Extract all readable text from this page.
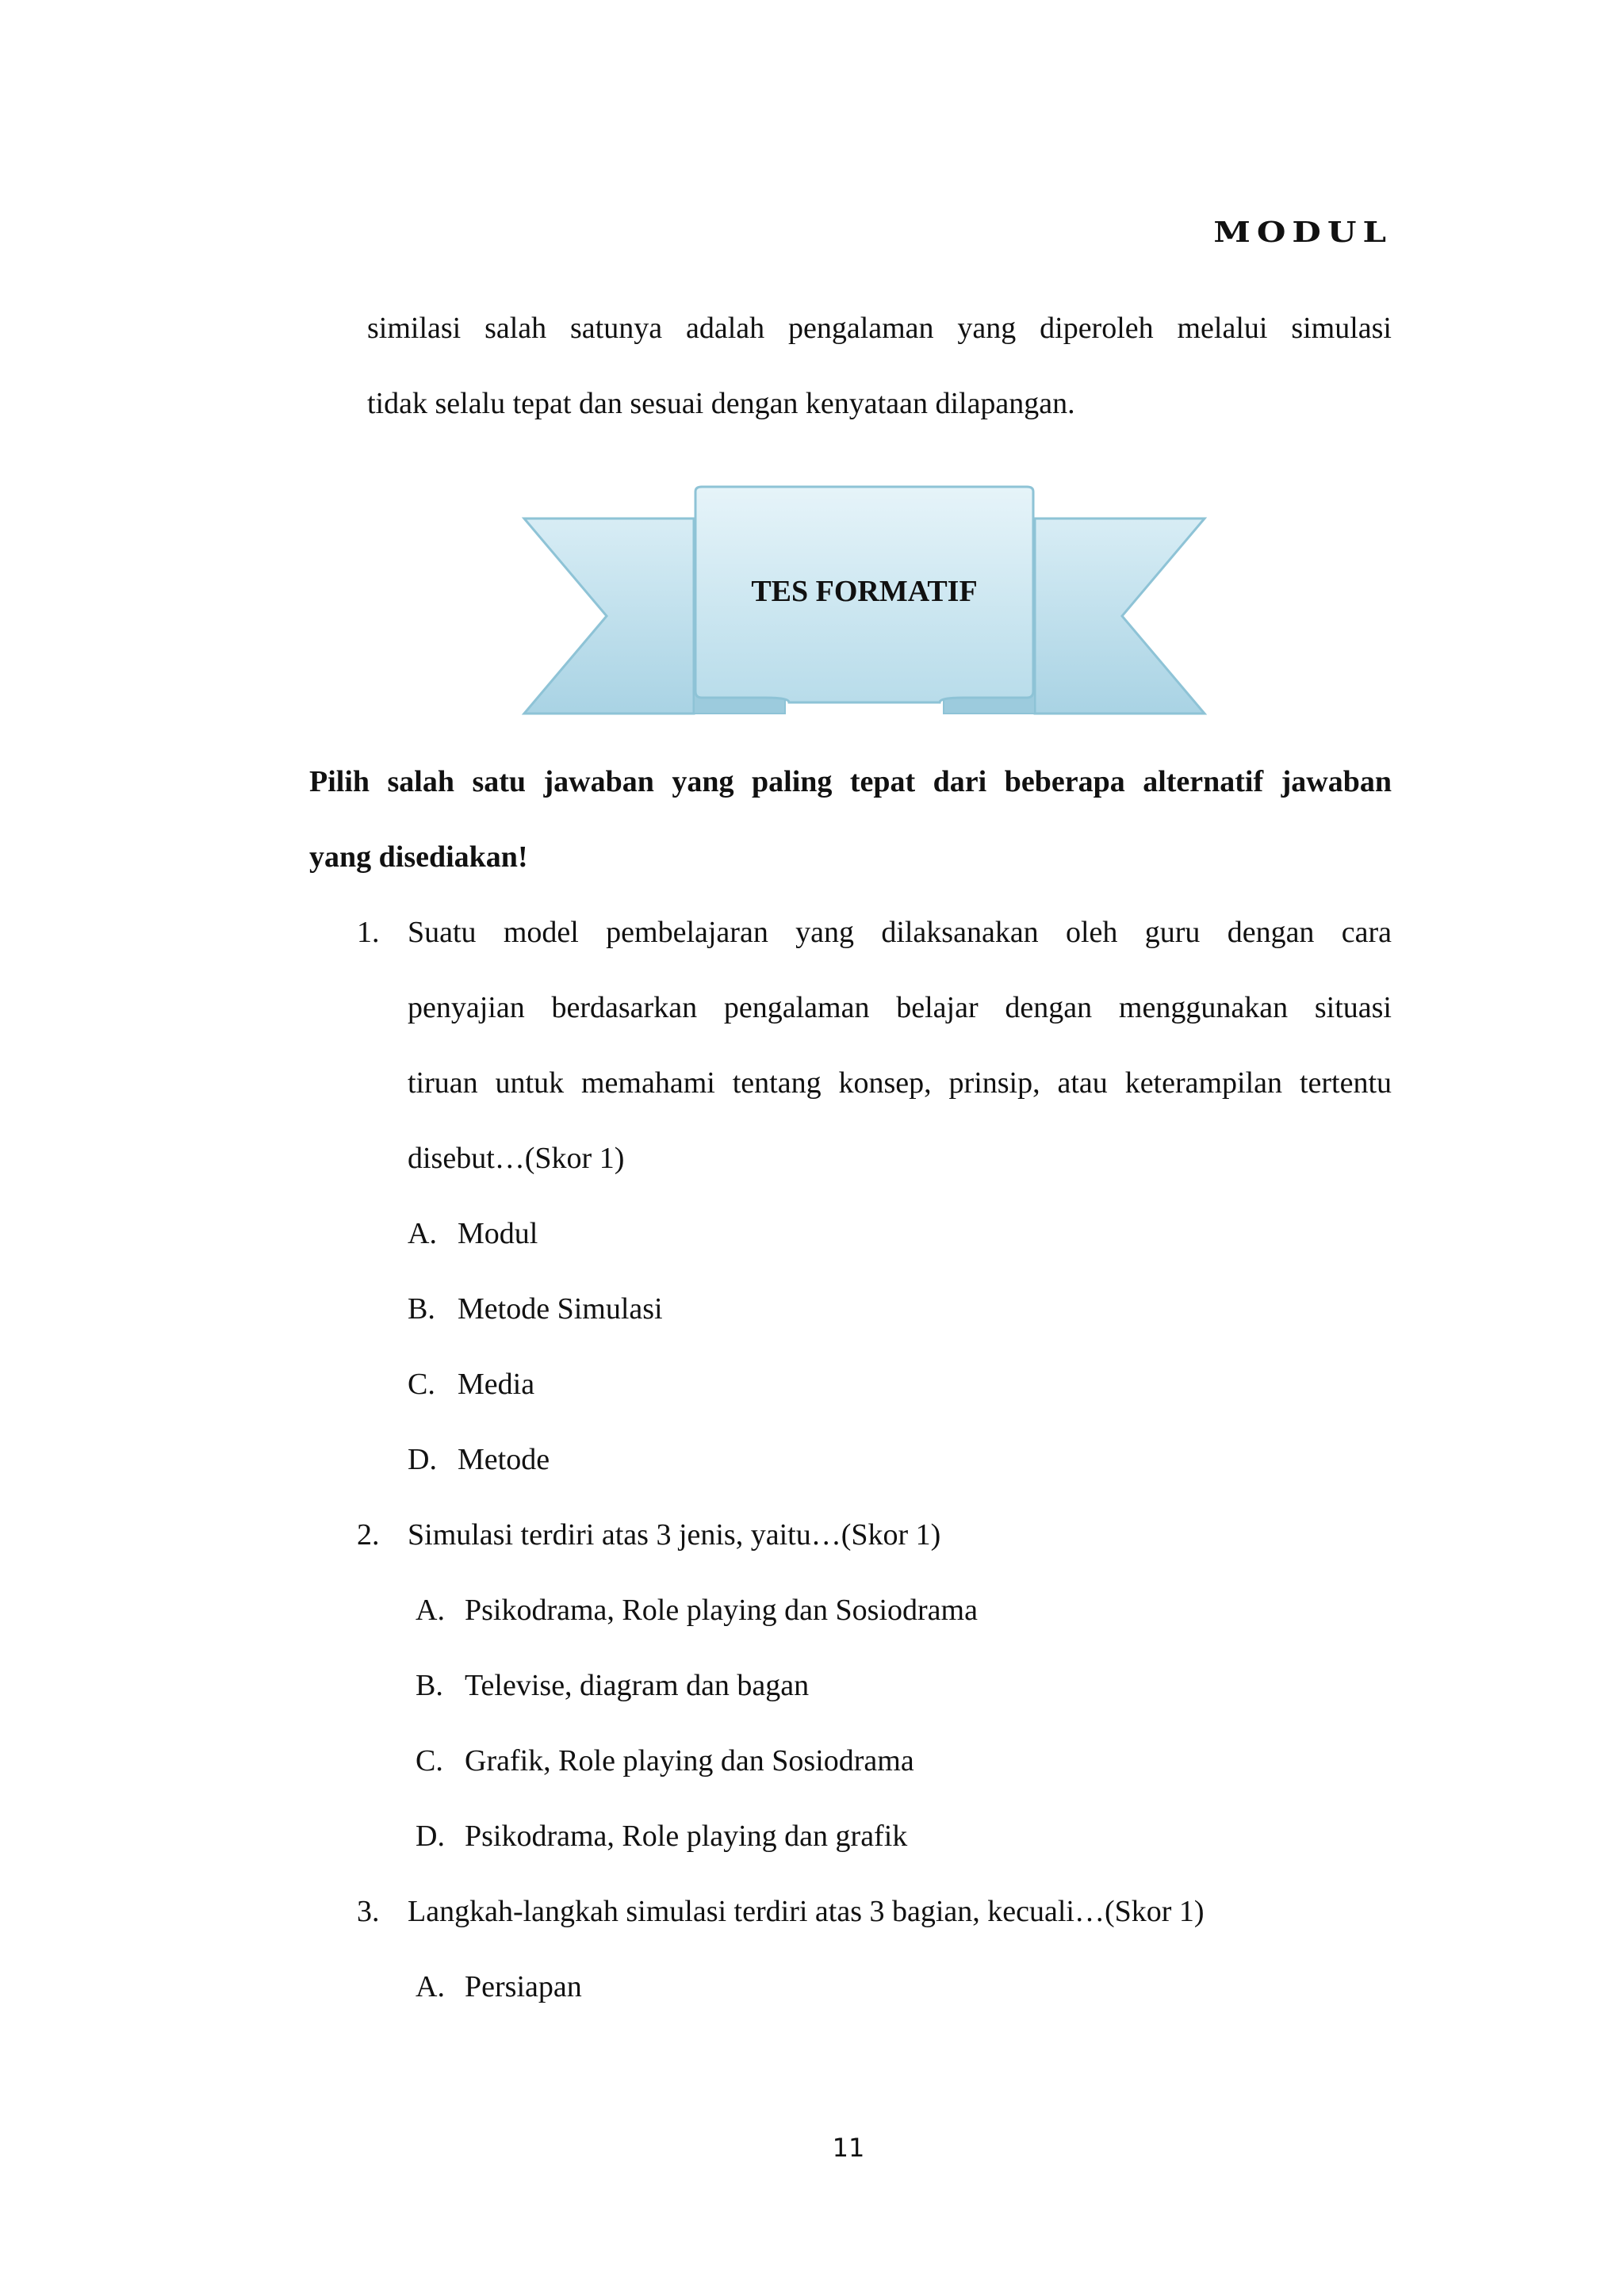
MODUL
similasi salah satunya adalah pengalaman yang diperoleh melalui simulasi
tidak selalu tepat dan sesuai dengan kenyataan dilapangan.
TES FORMATIF
Pilih salah satu jawaban yang paling tepat dari beberapa alternatif jawaban
yang disediakan!
1. Suatu model pembelajaran yang dilaksanakan oleh guru dengan cara
penyajian berdasarkan pengalaman belajar dengan menggunakan situasi
tiruan untuk memahami tentang konsep, prinsip, atau keterampilan tertentu
disebut…(Skor 1)
A. Modul
B. Metode Simulasi
C. Media
D. Metode
2. Simulasi terdiri atas 3 jenis, yaitu…(Skor 1)
A. Psikodrama, Role playing dan Sosiodrama
B. Televise, diagram dan bagan
C. Grafik, Role playing dan Sosiodrama
D. Psikodrama, Role playing dan grafik
3. Langkah-langkah simulasi terdiri atas 3 bagian, kecuali…(Skor 1)
A. Persiapan
11
